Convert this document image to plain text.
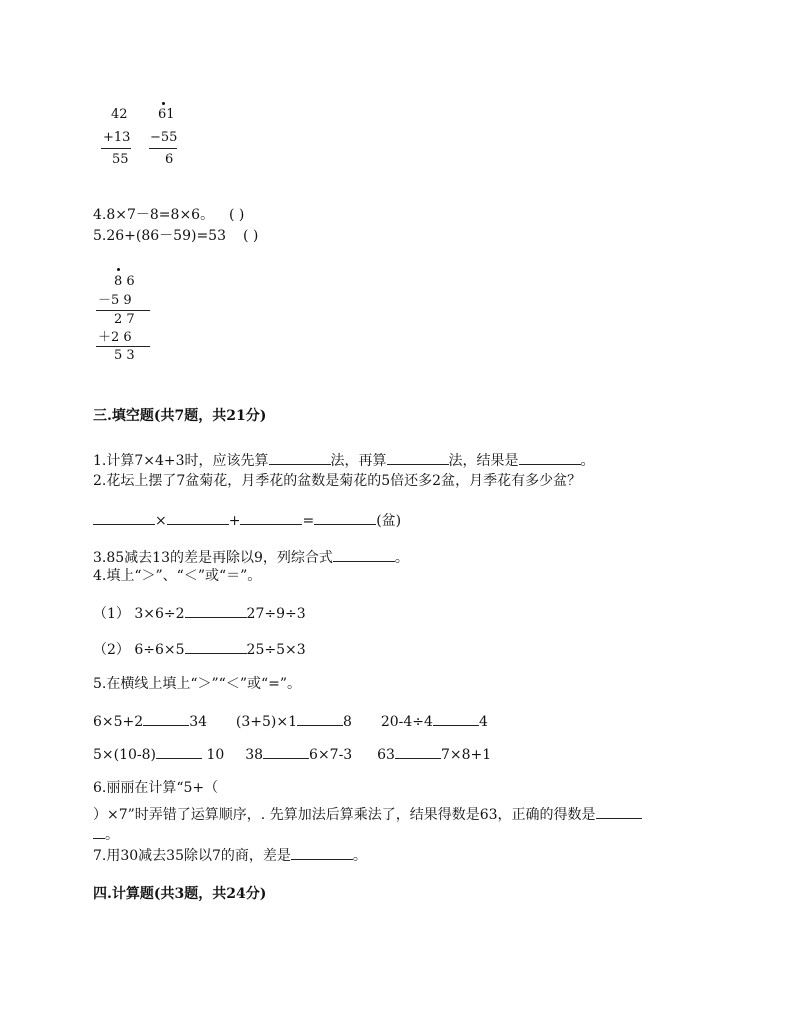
42
+13
55
61
−55
6
4.8×7－8=8×6。 ( )
5.26+(86－59)=53 ( )
8 6
－5 9
2 7
＋2 6
5 3
三.填空题(共7题，共21分)
1.计算7×4+3时，应该先算	法，再算	法，结果是	。
2.花坛上摆了7盆菊花，月季花的盆数是菊花的5倍还多2盆，月季花有多少盆？
×	+	=	(盆)
3.85减去13的差是再除以9，列综合式	。
4.填上“＞”、“＜”或“＝”。
（1） 3×6÷2	27÷9÷3
（2） 6÷6×5	25÷5×3
5.在横线上填上“＞”“＜”或“=”。
6×5+2	34 (3+5)×1	8 20-4÷4	4
5×(10-8)	10 38	6×7-3 63	7×8+1
6.丽丽在计算“5+（
）×7”时弄错了运算顺序，. 先算加法后算乘法了，结果得数是63，正确的得数是
。
7.用30减去35除以7的商，差是	。
四.计算题(共3题，共24分)
